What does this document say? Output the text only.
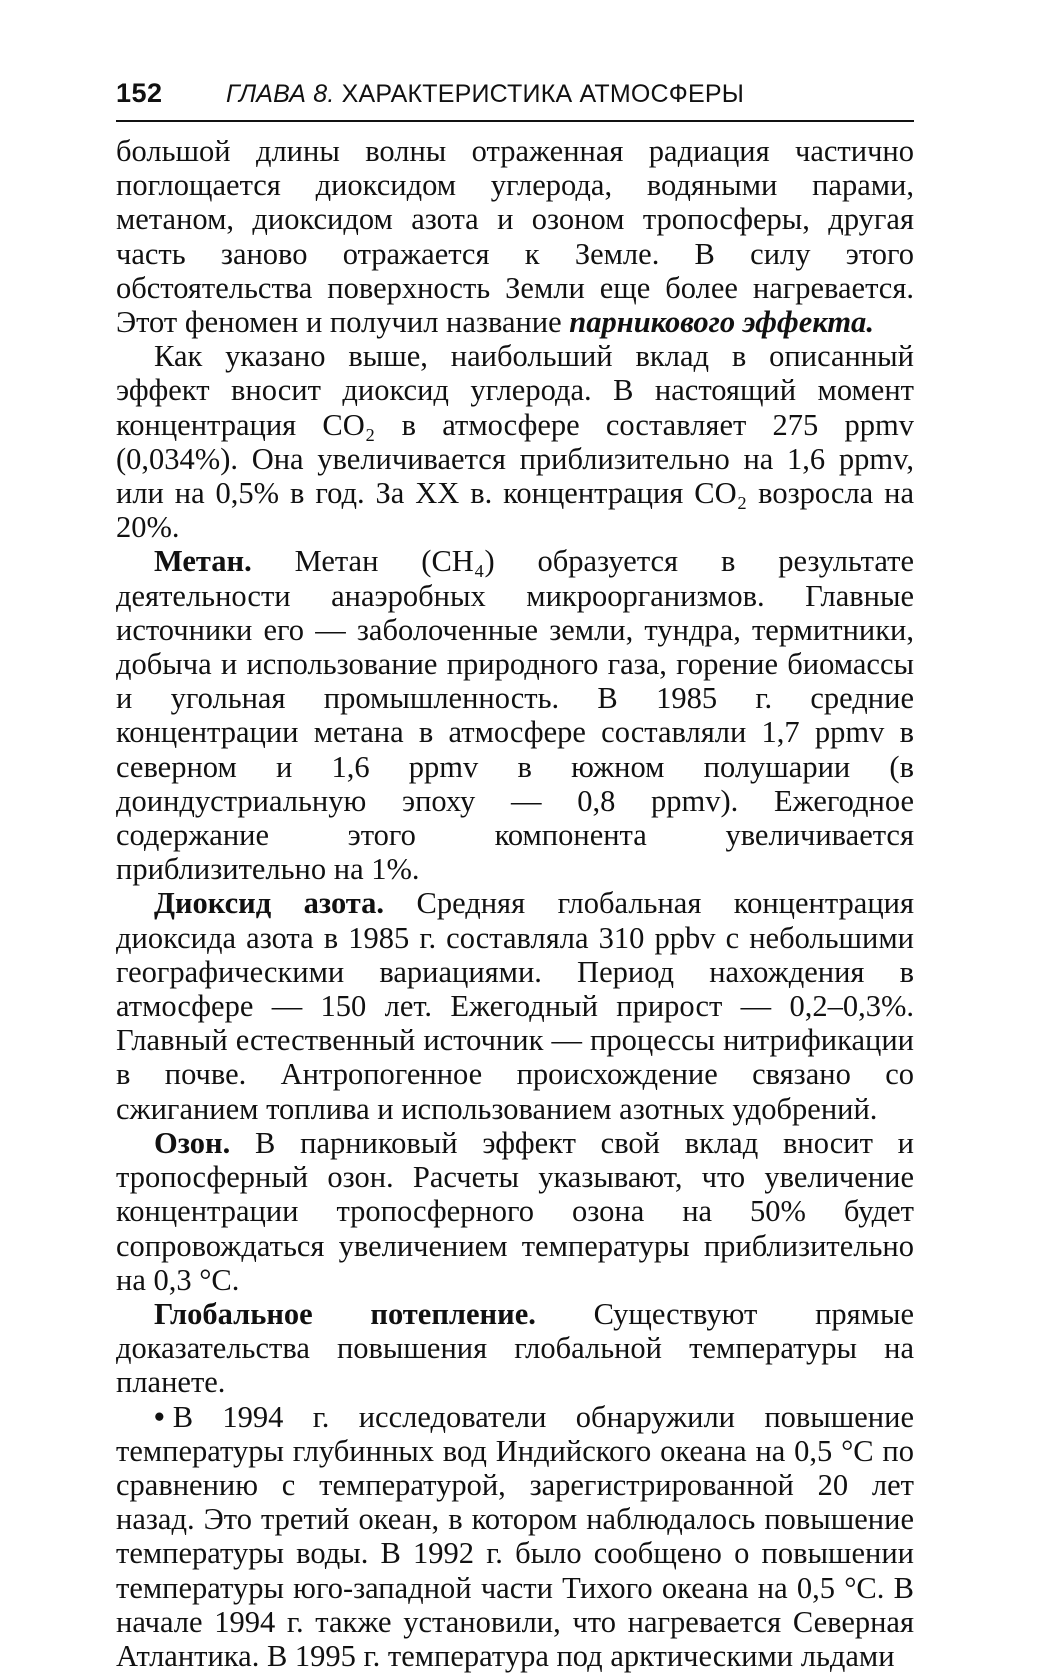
152	ГЛАВА 8. ХАРАКТЕРИСТИКА АТМОСФЕРЫ

большой длины волны отраженная радиация частично поглощается диоксидом углерода, водяными парами, метаном, диоксидом азота и озоном тропосферы, другая часть заново отражается к Земле. В силу этого обстоятельства поверхность Земли еще более нагревается. Этот феномен и получил название парникового эффекта.

Как указано выше, наибольший вклад в описанный эффект вносит диоксид углерода. В настоящий момент концентрация CO₂ в атмосфере составляет 275 ppmv (0,034%). Она увеличивается приблизительно на 1,6 ppmv, или на 0,5% в год. За XX в. концентрация CO₂ возросла на 20%.

Метан. Метан (CH₄) образуется в результате деятельности анаэробных микроорганизмов. Главные источники его — заболоченные земли, тундра, термитники, добыча и использование природного газа, горение биомассы и угольная промышленность. В 1985 г. средние концентрации метана в атмосфере составляли 1,7 ppmv в северном и 1,6 ppmv в южном полушарии (в доиндустриальную эпоху — 0,8 ppmv). Ежегодное содержание этого компонента увеличивается приблизительно на 1%.

Диоксид азота. Средняя глобальная концентрация диоксида азота в 1985 г. составляла 310 ppbv с небольшими географическими вариациями. Период нахождения в атмосфере — 150 лет. Ежегодный прирост — 0,2–0,3%. Главный естественный источник — процессы нитрификации в почве. Антропогенное происхождение связано со сжиганием топлива и использованием азотных удобрений.

Озон. В парниковый эффект свой вклад вносит и тропосферный озон. Расчеты указывают, что увеличение концентрации тропосферного озона на 50% будет сопровождаться увеличением температуры приблизительно на 0,3 °С.

Глобальное потепление. Существуют прямые доказательства повышения глобальной температуры на планете.

• В 1994 г. исследователи обнаружили повышение температуры глубинных вод Индийского океана на 0,5 °С по сравнению с температурой, зарегистрированной 20 лет назад. Это третий океан, в котором наблюдалось повышение температуры воды. В 1992 г. было сообщено о повышении температуры юго-западной части Тихого океана на 0,5 °С. В начале 1994 г. также установили, что нагревается Северная Атлантика. В 1995 г. температура под арктическими льдами
